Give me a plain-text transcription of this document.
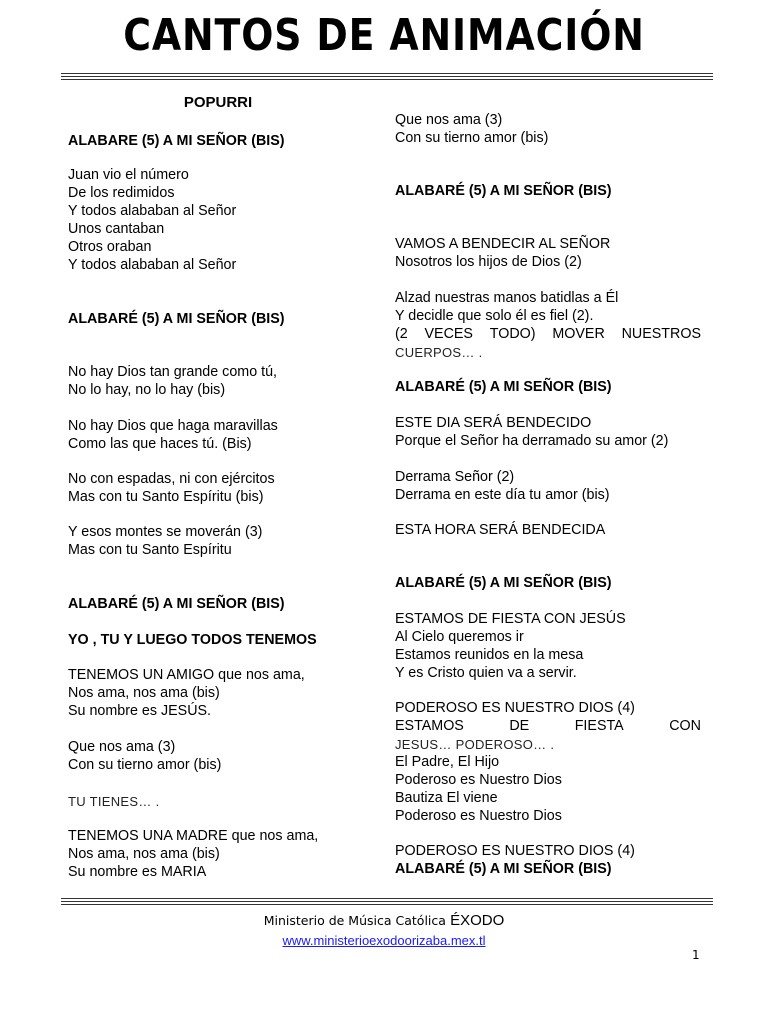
CANTOS DE ANIMACIÓN
POPURRI
ALABARE (5) A MI SEÑOR (BIS)
Juan vio el número
De los redimidos
Y todos alababan al Señor
Unos cantaban
Otros oraban
Y todos alababan al Señor
ALABARÉ (5) A MI SEÑOR (BIS)
No hay Dios tan grande como tú,
No lo hay, no lo hay (bis)
No hay Dios que haga maravillas
Como las que haces tú. (Bis)
No con espadas, ni con ejércitos
Mas con tu Santo Espíritu (bis)
Y esos montes se moverán (3)
Mas con tu Santo Espíritu
ALABARÉ (5) A MI SEÑOR (BIS)
YO , TU Y LUEGO TODOS TENEMOS
TENEMOS UN AMIGO que nos ama,
Nos ama, nos ama (bis)
Su nombre es JESÚS.
Que nos ama (3)
Con su tierno amor (bis)
TU TIENES… .
TENEMOS UNA MADRE que nos ama,
Nos ama, nos ama (bis)
Su nombre es MARIA
Que nos ama (3)
Con su tierno amor (bis)
ALABARÉ (5) A MI SEÑOR (BIS)
VAMOS A BENDECIR AL SEÑOR
Nosotros los hijos de Dios (2)
Alzad nuestras manos batidlas a Él
Y decidle que solo él es fiel (2).
(2 VECES TODO) MOVER NUESTROS
CUERPOS… .
ALABARÉ (5) A MI SEÑOR (BIS)
ESTE DIA SERÁ BENDECIDO
Porque el Señor ha derramado su amor (2)
Derrama Señor (2)
Derrama en este día tu amor (bis)
ESTA HORA SERÁ BENDECIDA
ALABARÉ (5) A MI SEÑOR (BIS)
ESTAMOS DE FIESTA CON JESÚS
Al Cielo queremos ir
Estamos reunidos en la mesa
Y es Cristo quien va a servir.
PODEROSO ES NUESTRO DIOS (4)
ESTAMOS	DE	FIESTA	CON
JESUS… PODEROSO… .
El Padre, El Hijo
Poderoso es Nuestro Dios
Bautiza El viene
Poderoso es Nuestro Dios
PODEROSO ES NUESTRO DIOS (4)
ALABARÉ (5) A MI SEÑOR (BIS)
Ministerio de Música Católica ÉXODO
www.ministerioexodoorizaba.mex.tl
1
